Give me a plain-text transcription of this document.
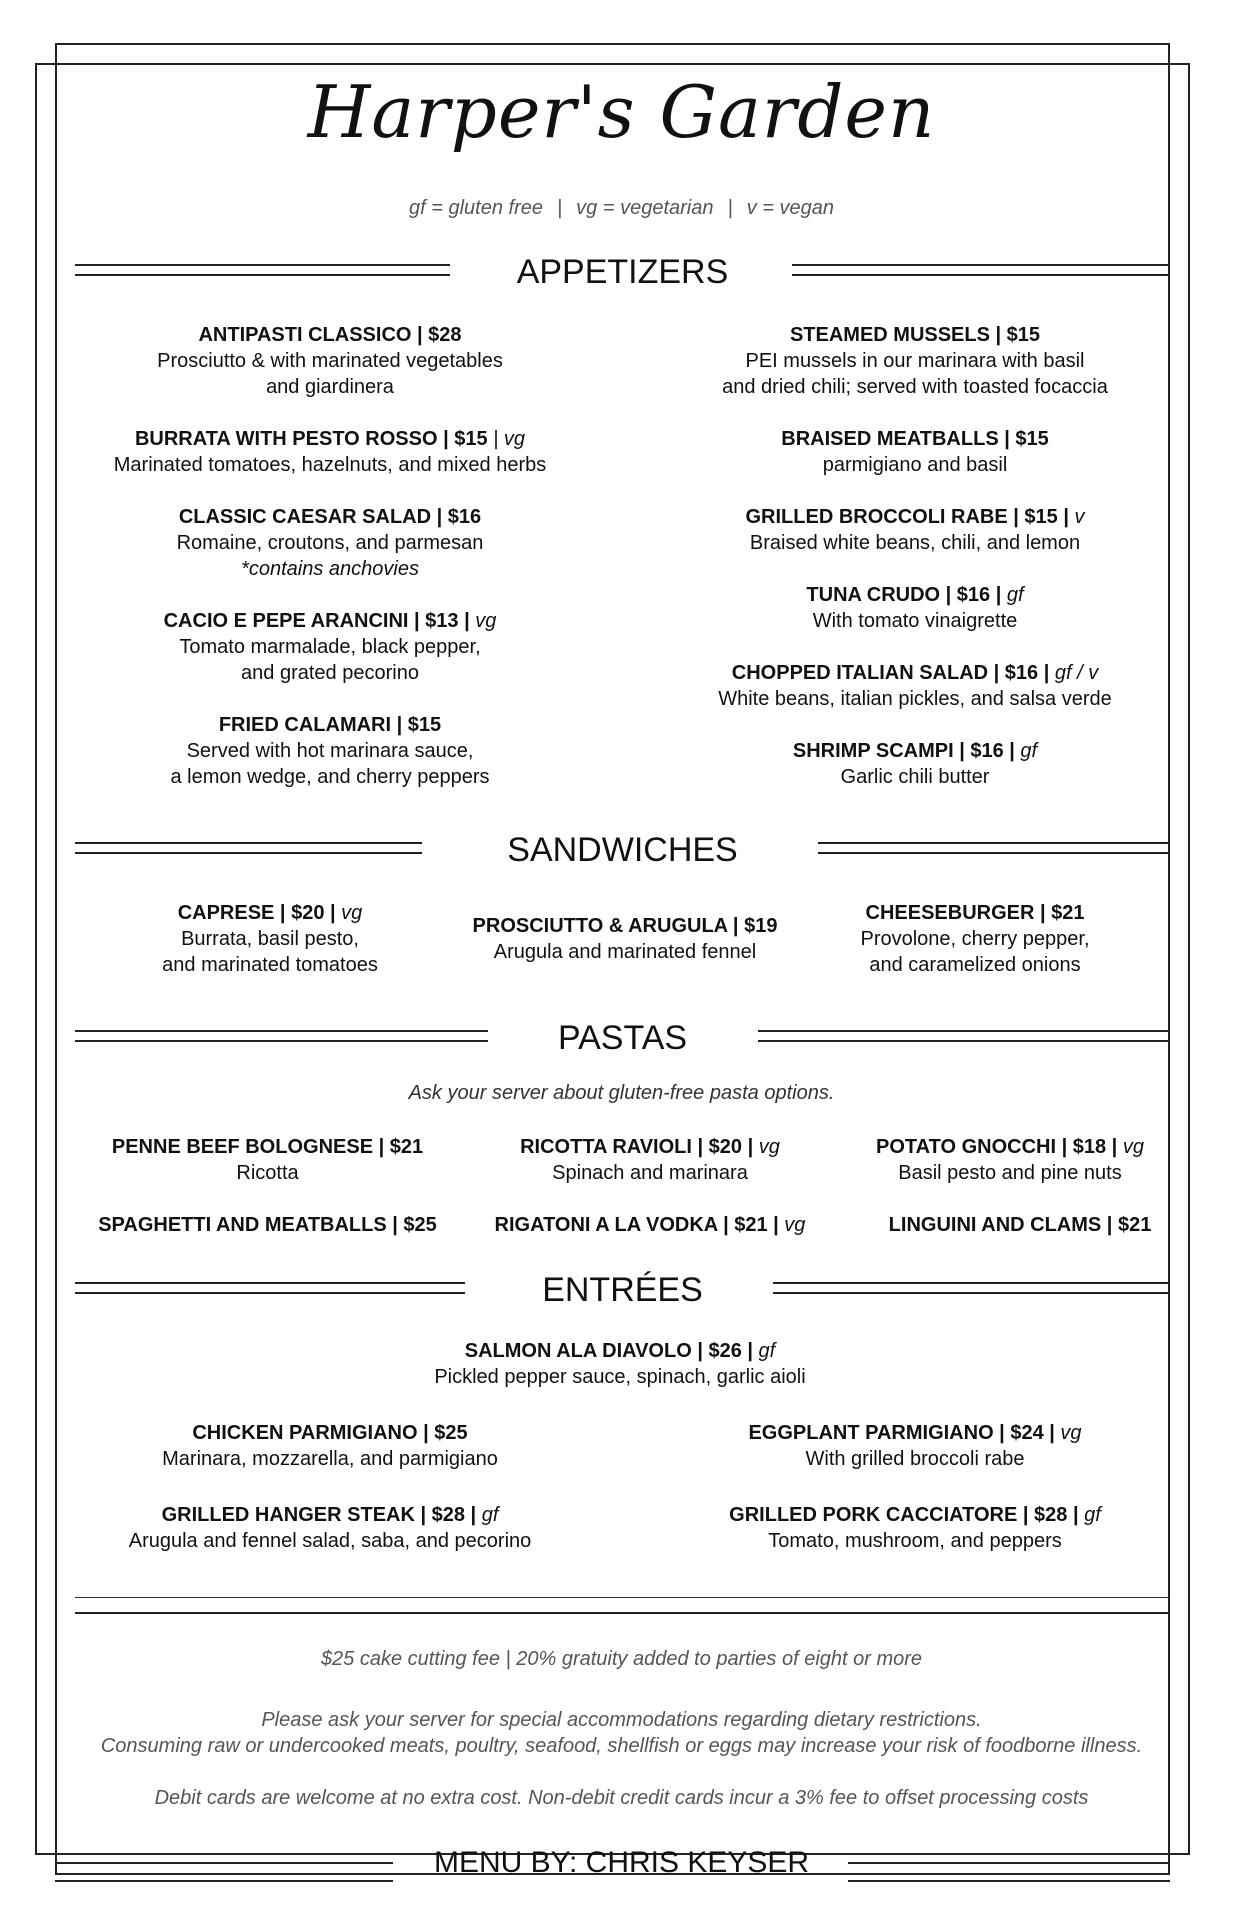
Harper's Garden
gf = gluten free | vg = vegetarian | v = vegan
APPETIZERS
ANTIPASTI CLASSICO | $28
Prosciutto & with marinated vegetables
and giardinera
BURRATA WITH PESTO ROSSO | $15 | vg
Marinated tomatoes, hazelnuts, and mixed herbs
CLASSIC CAESAR SALAD | $16
Romaine, croutons, and parmesan
*contains anchovies
CACIO E PEPE ARANCINI | $13 | vg
Tomato marmalade, black pepper,
and grated pecorino
FRIED CALAMARI | $15
Served with hot marinara sauce,
a lemon wedge, and cherry peppers
STEAMED MUSSELS | $15
PEI mussels in our marinara with basil
and dried chili; served with toasted focaccia
BRAISED MEATBALLS | $15
parmigiano and basil
GRILLED BROCCOLI RABE | $15 | v
Braised white beans, chili, and lemon
TUNA CRUDO | $16 | gf
With tomato vinaigrette
CHOPPED ITALIAN SALAD | $16 | gf / v
White beans, italian pickles, and salsa verde
SHRIMP SCAMPI | $16 | gf
Garlic chili butter
SANDWICHES
CAPRESE | $20 | vg
Burrata, basil pesto,
and marinated tomatoes
PROSCIUTTO & ARUGULA | $19
Arugula and marinated fennel
CHEESEBURGER | $21
Provolone, cherry pepper,
and caramelized onions
PASTAS
Ask your server about gluten-free pasta options.
PENNE BEEF BOLOGNESE | $21
Ricotta
RICOTTA RAVIOLI | $20 | vg
Spinach and marinara
POTATO GNOCCHI | $18 | vg
Basil pesto and pine nuts
SPAGHETTI AND MEATBALLS | $25	RIGATONI A LA VODKA | $21 | vg	LINGUINI AND CLAMS | $21
ENTRÉES
SALMON ALA DIAVOLO | $26 | gf
Pickled pepper sauce, spinach, garlic aioli
CHICKEN PARMIGIANO | $25
Marinara, mozzarella, and parmigiano
EGGPLANT PARMIGIANO | $24 | vg
With grilled broccoli rabe
GRILLED HANGER STEAK | $28 | gf
Arugula and fennel salad, saba, and pecorino
GRILLED PORK CACCIATORE | $28 | gf
Tomato, mushroom, and peppers
$25 cake cutting fee | 20% gratuity added to parties of eight or more
Please ask your server for special accommodations regarding dietary restrictions.
Consuming raw or undercooked meats, poultry, seafood, shellfish or eggs may increase your risk of foodborne illness.
Debit cards are welcome at no extra cost. Non-debit credit cards incur a 3% fee to offset processing costs
MENU BY: CHRIS KEYSER
